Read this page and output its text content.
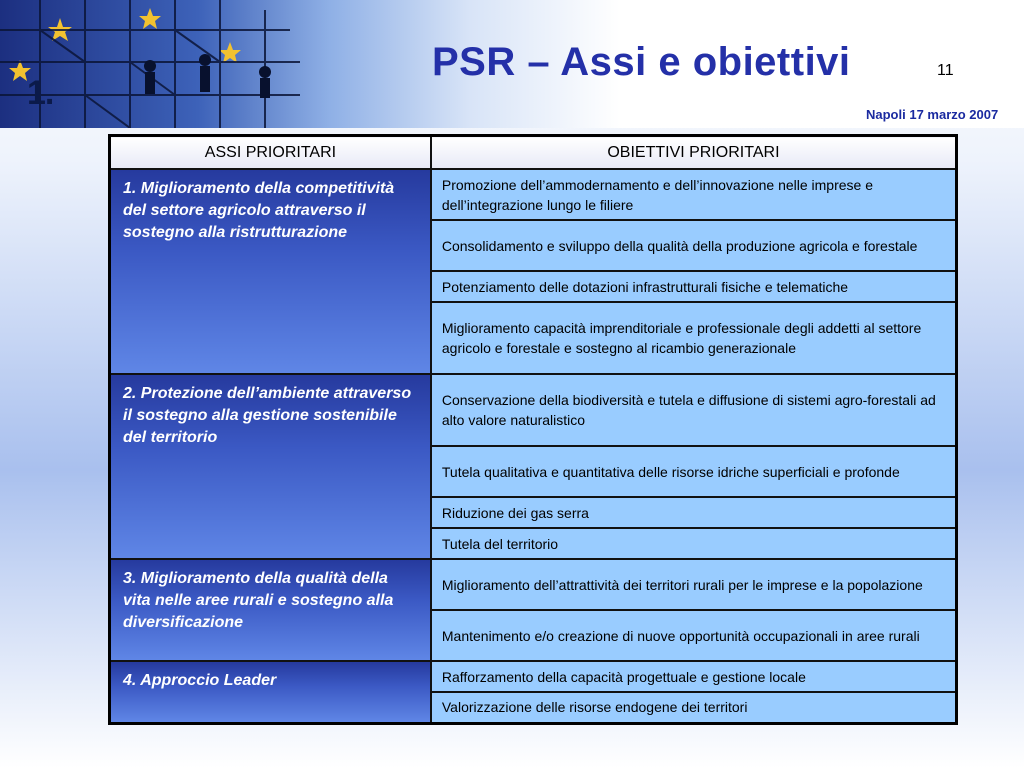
1.
PSR – Assi e obiettivi	11
Napoli 17 marzo 2007
ASSI PRIORITARI	OBIETTIVI PRIORITARI
1. Miglioramento della competitività del settore agricolo attraverso il sostegno alla ristrutturazione	Promozione dell’ammodernamento e dell’innovazione nelle imprese e dell’integrazione lungo le filiere
	Consolidamento e sviluppo della qualità della produzione agricola e forestale
	Potenziamento delle dotazioni infrastrutturali fisiche e telematiche
	Miglioramento capacità imprenditoriale e professionale degli addetti al settore agricolo e forestale e sostegno al ricambio generazionale
2. Protezione dell’ambiente attraverso il sostegno alla gestione sostenibile del territorio	Conservazione della biodiversità e tutela e diffusione di sistemi agro-forestali ad alto valore naturalistico
	Tutela qualitativa e quantitativa delle risorse idriche superficiali e profonde
	Riduzione dei gas serra
	Tutela del territorio
3. Miglioramento della qualità della vita nelle aree rurali e sostegno alla diversificazione	Miglioramento dell’attrattività dei territori rurali per le imprese e la popolazione
	Mantenimento e/o creazione di nuove opportunità occupazionali in aree rurali
4. Approccio Leader	Rafforzamento della capacità progettuale e gestione locale
	Valorizzazione delle risorse endogene dei territori
